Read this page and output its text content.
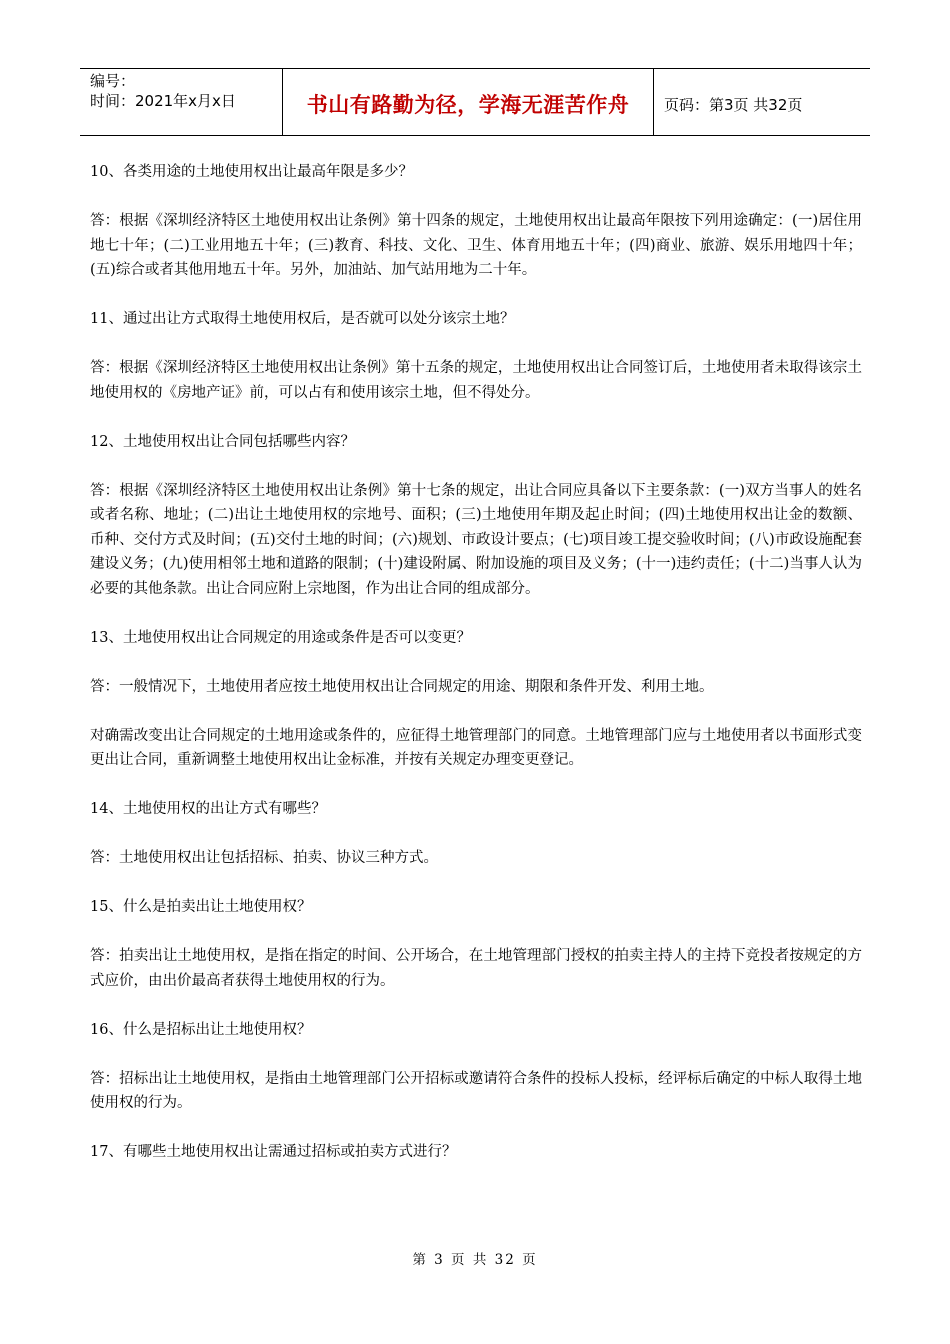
编号：
时间：2021年x月x日	书山有路勤为径，学海无涯苦作舟	页码：第3页 共32页

10、各类用途的土地使用权出让最高年限是多少？

答：根据《深圳经济特区土地使用权出让条例》第十四条的规定，土地使用权出让最高年限按下列用途确定：(一)居住用地七十年；(二)工业用地五十年；(三)教育、科技、文化、卫生、体育用地五十年；(四)商业、旅游、娱乐用地四十年；(五)综合或者其他用地五十年。另外，加油站、加气站用地为二十年。

11、通过出让方式取得土地使用权后，是否就可以处分该宗土地？

答：根据《深圳经济特区土地使用权出让条例》第十五条的规定，土地使用权出让合同签订后，土地使用者未取得该宗土地使用权的《房地产证》前，可以占有和使用该宗土地，但不得处分。

12、土地使用权出让合同包括哪些内容？

答：根据《深圳经济特区土地使用权出让条例》第十七条的规定，出让合同应具备以下主要条款：(一)双方当事人的姓名或者名称、地址；(二)出让土地使用权的宗地号、面积；(三)土地使用年期及起止时间；(四)土地使用权出让金的数额、币种、交付方式及时间；(五)交付土地的时间；(六)规划、市政设计要点；(七)项目竣工提交验收时间；(八)市政设施配套建设义务；(九)使用相邻土地和道路的限制；(十)建设附属、附加设施的项目及义务；(十一)违约责任；(十二)当事人认为必要的其他条款。出让合同应附上宗地图，作为出让合同的组成部分。

13、土地使用权出让合同规定的用途或条件是否可以变更？

答：一般情况下，土地使用者应按土地使用权出让合同规定的用途、期限和条件开发、利用土地。

对确需改变出让合同规定的土地用途或条件的，应征得土地管理部门的同意。土地管理部门应与土地使用者以书面形式变更出让合同，重新调整土地使用权出让金标准，并按有关规定办理变更登记。

14、土地使用权的出让方式有哪些？

答：土地使用权出让包括招标、拍卖、协议三种方式。

15、什么是拍卖出让土地使用权？

答：拍卖出让土地使用权，是指在指定的时间、公开场合，在土地管理部门授权的拍卖主持人的主持下竞投者按规定的方式应价，由出价最高者获得土地使用权的行为。

16、什么是招标出让土地使用权？

答：招标出让土地使用权，是指由土地管理部门公开招标或邀请符合条件的投标人投标，经评标后确定的中标人取得土地使用权的行为。

17、有哪些土地使用权出让需通过招标或拍卖方式进行？

第 3 页 共 32 页
